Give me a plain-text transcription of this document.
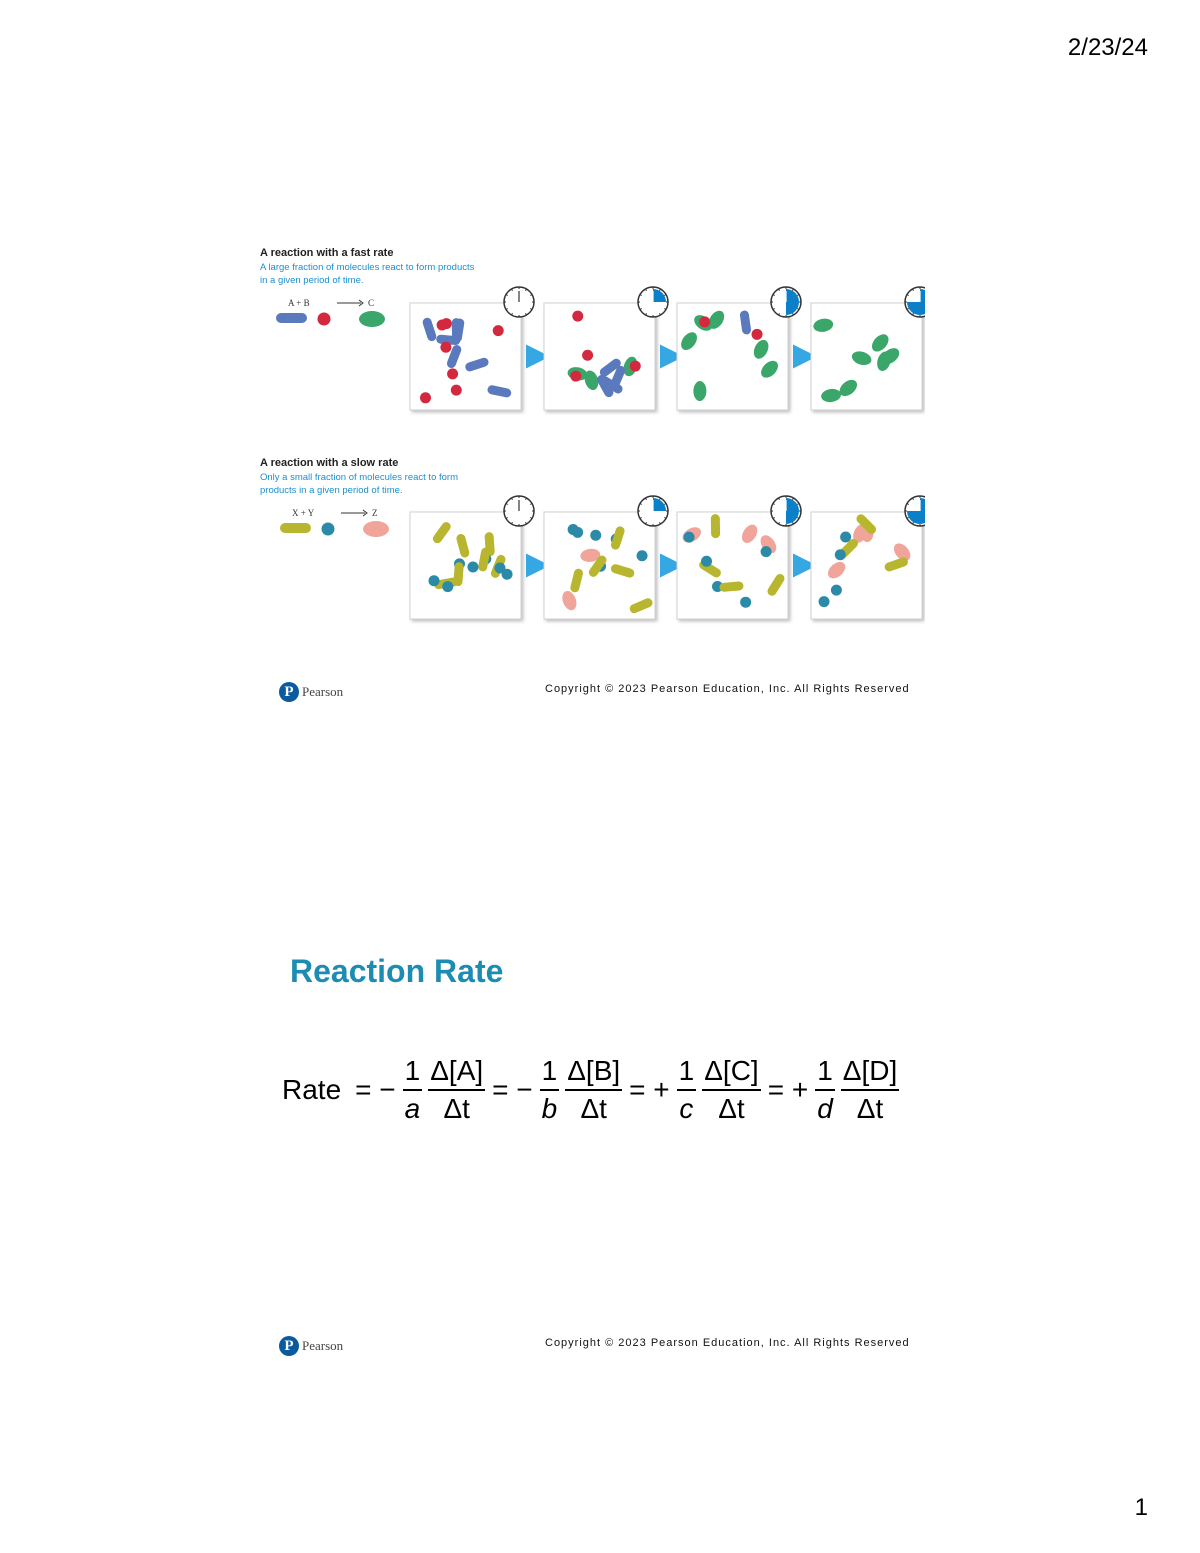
2/23/24
A reaction with a fast rate
A large fraction of molecules react to form products in a given period of time.
A reaction with a slow rate
Only a small fraction of molecules react to form products in a given period of time.
A + B	C
X + Y	Z
P Pearson	Copyright © 2023 Pearson Education, Inc. All Rights Reserved
Reaction Rate
Rate = − $\frac{1}{a} \frac{\Delta[A]}{\Delta t}$ = − $\frac{1}{b} \frac{\Delta[B]}{\Delta t}$ = + $\frac{1}{c} \frac{\Delta[C]}{\Delta t}$ = + $\frac{1}{d} \frac{\Delta[D]}{\Delta t}$
P Pearson	Copyright © 2023 Pearson Education, Inc. All Rights Reserved
1
